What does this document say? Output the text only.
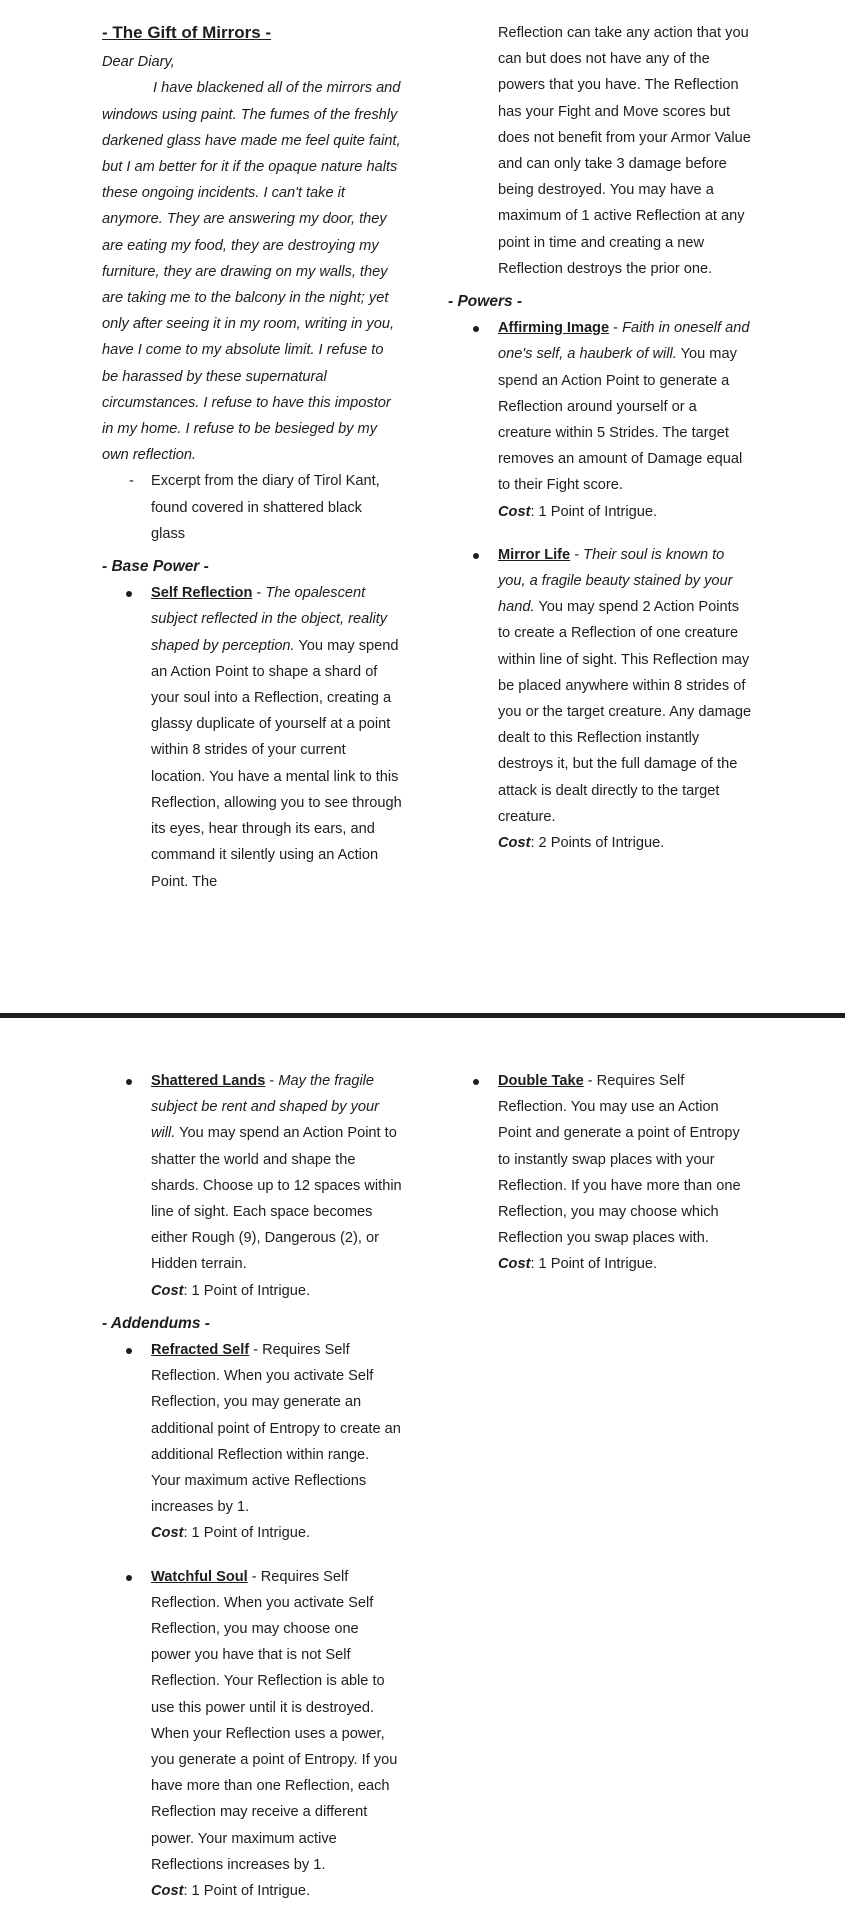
- The Gift of Mirrors -

Dear Diary,

I have blackened all of the mirrors and windows using paint. The fumes of the freshly darkened glass have made me feel quite faint, but I am better for it if the opaque nature halts these ongoing incidents. I can't take it anymore. They are answering my door, they are eating my food, they are destroying my furniture, they are drawing on my walls, they are taking me to the balcony in the night; yet only after seeing it in my room, writing in you, have I come to my absolute limit. I refuse to be harassed by these supernatural circumstances. I refuse to have this impostor in my home. I refuse to be besieged by my own reflection.

- Excerpt from the diary of Tirol Kant, found covered in shattered black glass

- Base Power -

Self Reflection - The opalescent subject reflected in the object, reality shaped by perception. You may spend an Action Point to shape a shard of your soul into a Reflection, creating a glassy duplicate of yourself at a point within 8 strides of your current location. You have a mental link to this Reflection, allowing you to see through its eyes, hear through its ears, and command it silently using an Action Point. The

Reflection can take any action that you can but does not have any of the powers that you have. The Reflection has your Fight and Move scores but does not benefit from your Armor Value and can only take 3 damage before being destroyed. You may have a maximum of 1 active Reflection at any point in time and creating a new Reflection destroys the prior one.

- Powers -

Affirming Image - Faith in oneself and one's self, a hauberk of will. You may spend an Action Point to generate a Reflection around yourself or a creature within 5 Strides. The target removes an amount of Damage equal to their Fight score.

Cost: 1 Point of Intrigue.

Mirror Life - Their soul is known to you, a fragile beauty stained by your hand. You may spend 2 Action Points to create a Reflection of one creature within line of sight. This Reflection may be placed anywhere within 8 strides of you or the target creature. Any damage dealt to this Reflection instantly destroys it, but the full damage of the attack is dealt directly to the target creature.

Cost: 2 Points of Intrigue.

Shattered Lands - May the fragile subject be rent and shaped by your will. You may spend an Action Point to shatter the world and shape the shards. Choose up to 12 spaces within line of sight. Each space becomes either Rough (9), Dangerous (2), or Hidden terrain.

Cost: 1 Point of Intrigue.

- Addendums -

Refracted Self - Requires Self Reflection. When you activate Self Reflection, you may generate an additional point of Entropy to create an additional Reflection within range. Your maximum active Reflections increases by 1.

Cost: 1 Point of Intrigue.

Watchful Soul - Requires Self Reflection. When you activate Self Reflection, you may choose one power you have that is not Self Reflection. Your Reflection is able to use this power until it is destroyed. When your Reflection uses a power, you generate a point of Entropy. If you have more than one Reflection, each Reflection may receive a different power. Your maximum active Reflections increases by 1.

Cost: 1 Point of Intrigue.

Double Take - Requires Self Reflection. You may use an Action Point and generate a point of Entropy to instantly swap places with your Reflection. If you have more than one Reflection, you may choose which Reflection you swap places with.

Cost: 1 Point of Intrigue.
